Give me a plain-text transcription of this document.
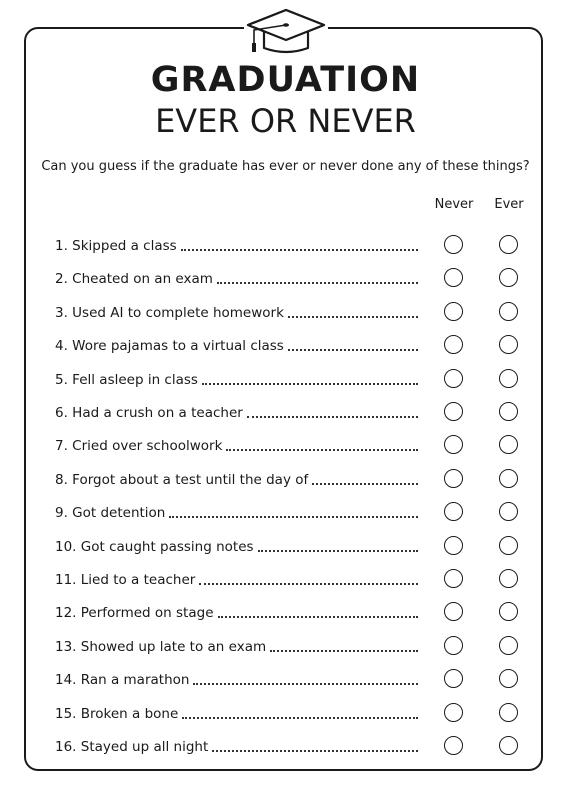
GRADUATION
EVER OR NEVER
Can you guess if the graduate has ever or never done any of these things?
Never	Ever
1. Skipped a class
2. Cheated on an exam
3. Used AI to complete homework
4. Wore pajamas to a virtual class
5. Fell asleep in class
6. Had a crush on a teacher
7. Cried over schoolwork
8. Forgot about a test until the day of
9. Got detention
10. Got caught passing notes
11. Lied to a teacher
12. Performed on stage
13. Showed up late to an exam
14. Ran a marathon
15. Broken a bone
16. Stayed up all night
